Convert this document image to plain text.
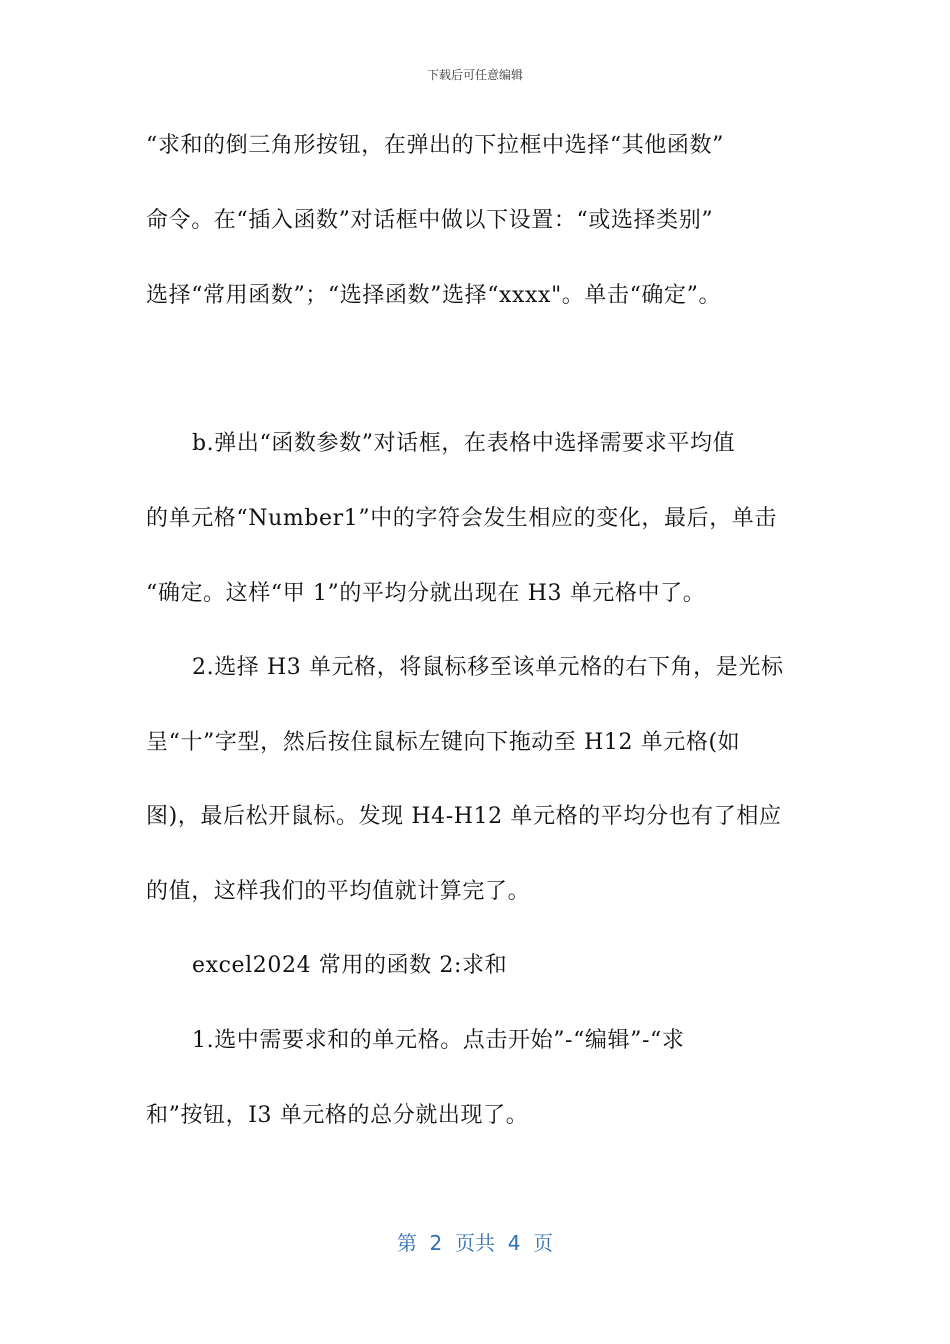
下载后可任意编辑
“求和的倒三角形按钮，在弹出的下拉框中选择“其他函数”
命令。在“插入函数”对话框中做以下设置：“或选择类别”
选择“常用函数”；“选择函数”选择“xxxx"。单击“确定”。
b.弹出“函数参数”对话框，在表格中选择需要求平均值
的单元格“Number1”中的字符会发生相应的变化，最后，单击
“确定。这样“甲 1”的平均分就出现在 H3 单元格中了。
2.选择 H3 单元格，将鼠标移至该单元格的右下角，是光标
呈“十”字型，然后按住鼠标左键向下拖动至 H12 单元格(如
图)，最后松开鼠标。发现 H4-H12 单元格的平均分也有了相应
的值，这样我们的平均值就计算完了。
excel2024 常用的函数 2:求和
1.选中需要求和的单元格。点击开始”-“编辑”-“求
和”按钮，I3 单元格的总分就出现了。
第  2  页共  4  页
